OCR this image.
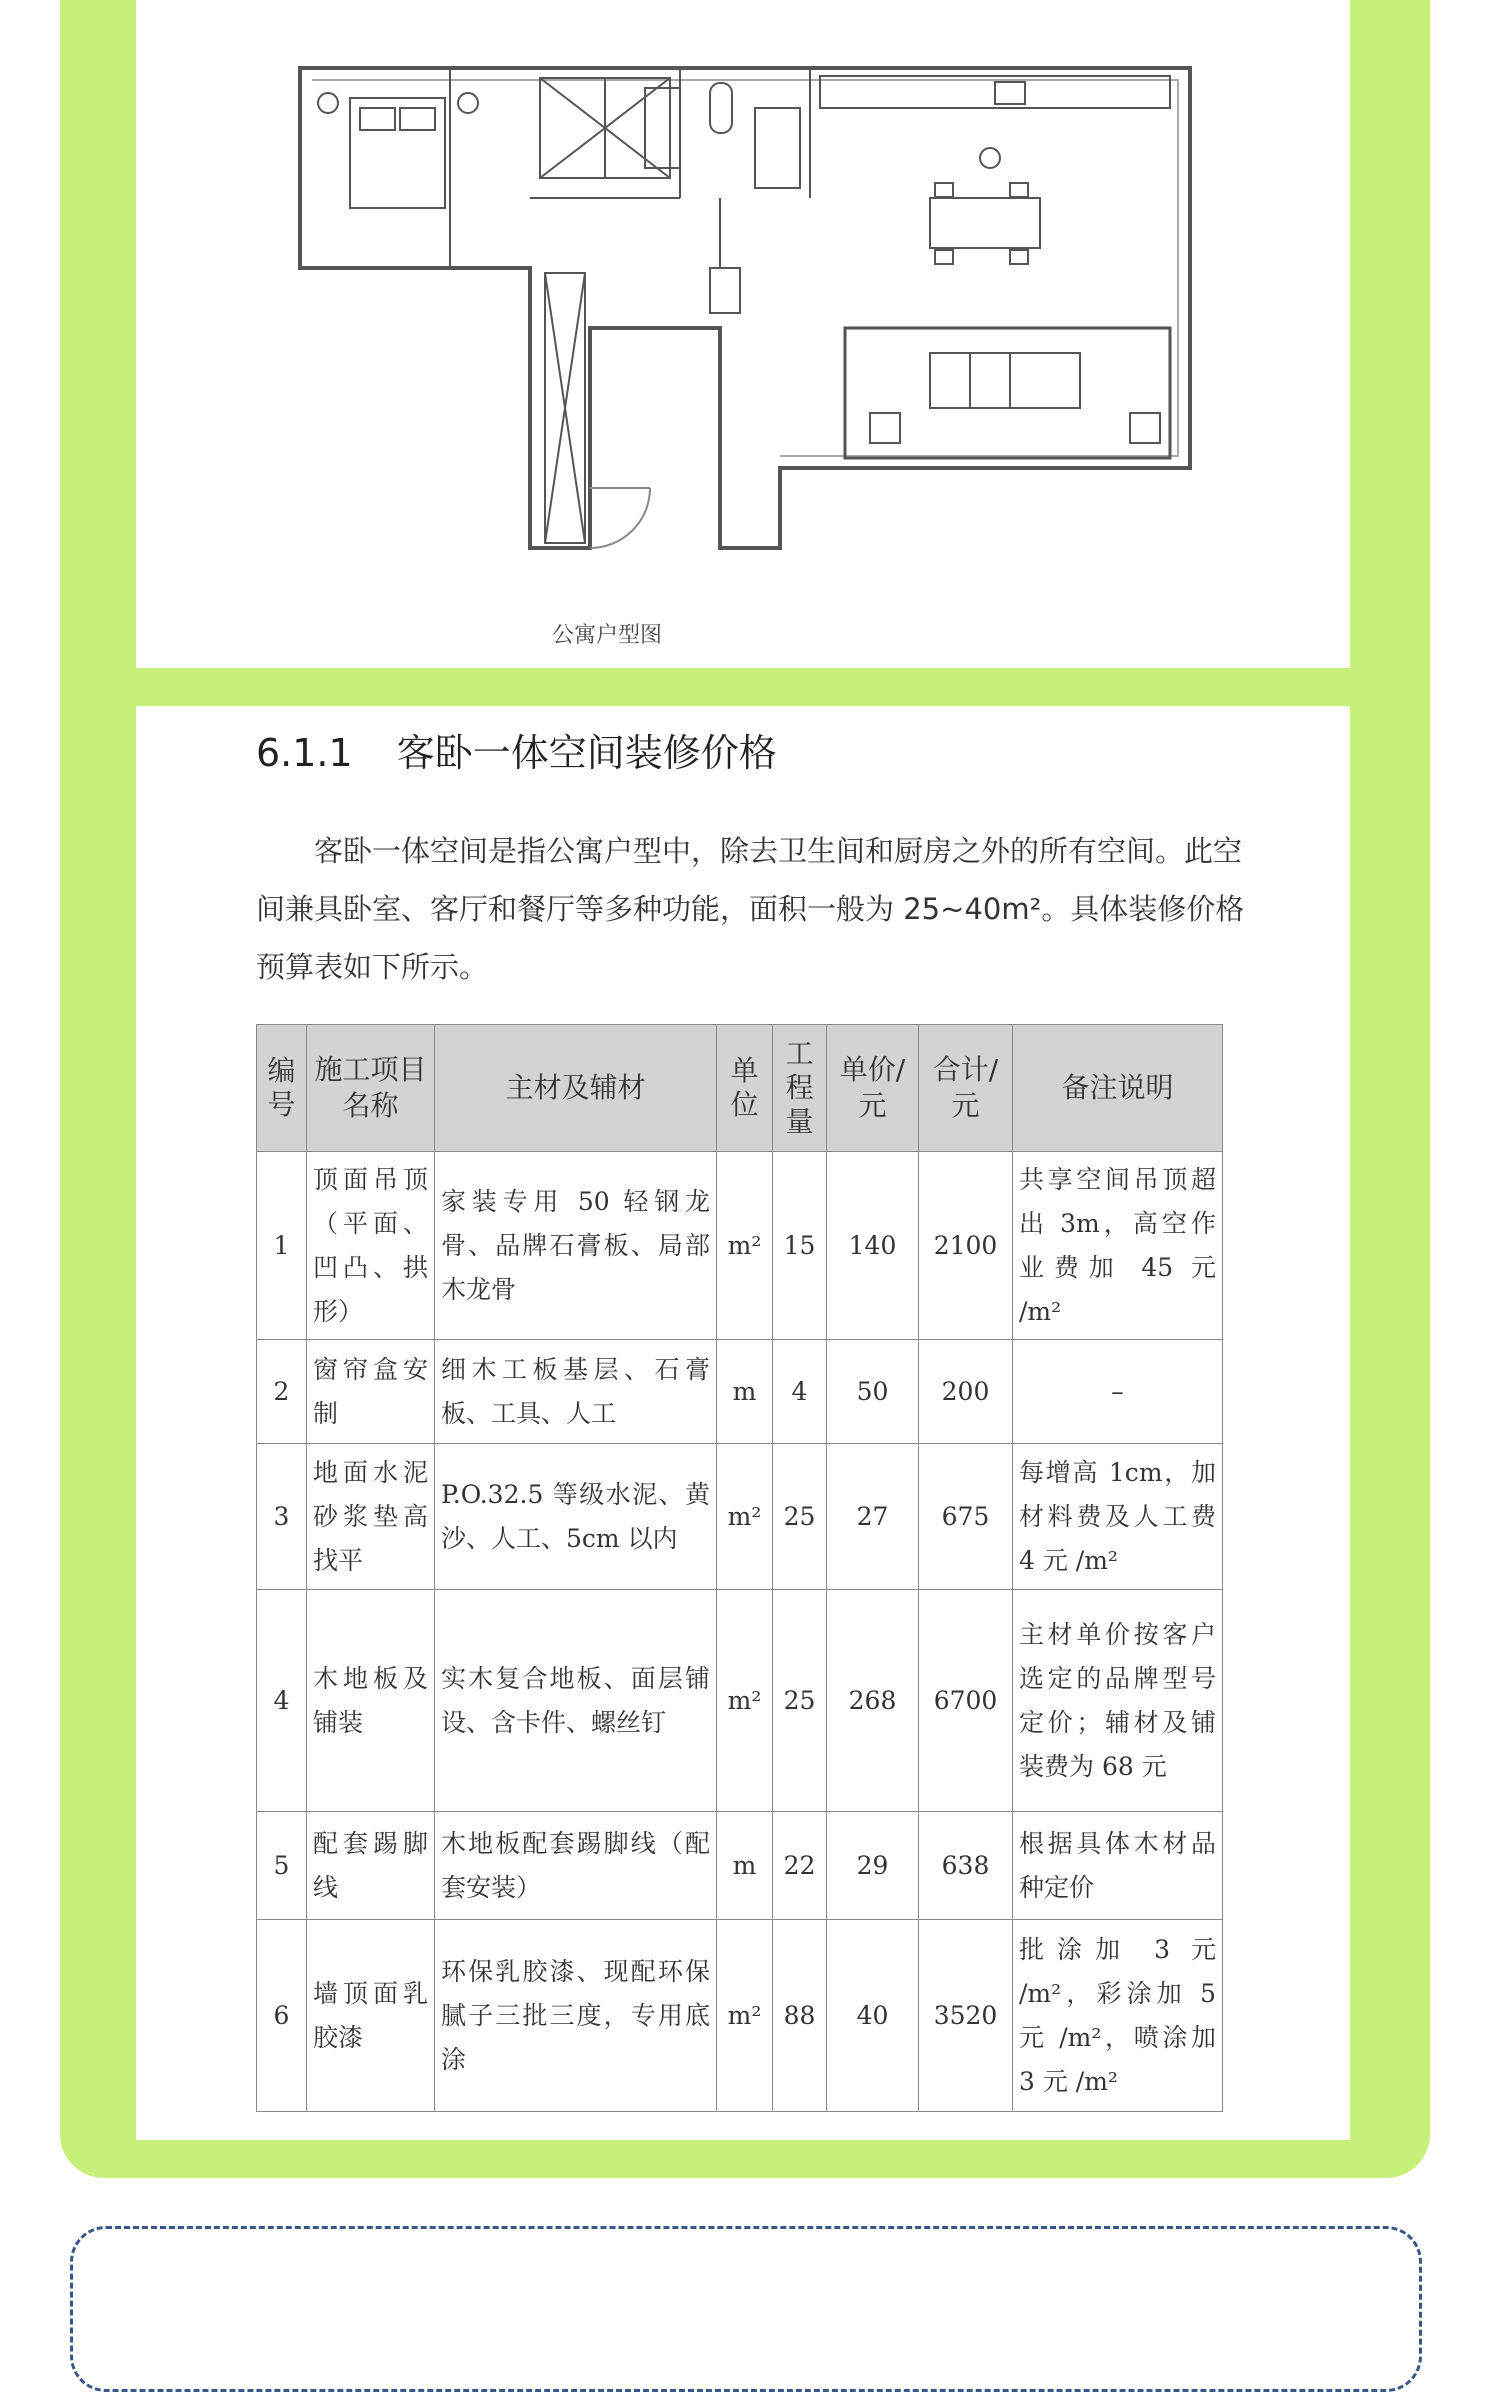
公寓户型图
6.1.1 客卧一体空间装修价格

客卧一体空间是指公寓户型中，除去卫生间和厨房之外的所有空间。此空间兼具卧室、客厅和餐厅等多种功能，面积一般为 25~40m²。具体装修价格预算表如下所示。

编号	施工项目名称	主材及辅材	单位	工程量	单价/元	合计/元	备注说明
1	顶面吊顶（平面、凹凸、拱形）	家装专用 50 轻钢龙骨、品牌石膏板、局部木龙骨	m²	15	140	2100	共享空间吊顶超出 3m，高空作业费加 45 元 /m²
2	窗帘盒安制	细木工板基层、石膏板、工具、人工	m	4	50	200	–
3	地面水泥砂浆垫高找平	P.O.32.5 等级水泥、黄沙、人工、5cm 以内	m²	25	27	675	每增高 1cm，加材料费及人工费 4 元 /m²
4	木地板及铺装	实木复合地板、面层铺设、含卡件、螺丝钉	m²	25	268	6700	主材单价按客户选定的品牌型号定价；辅材及铺装费为 68 元
5	配套踢脚线	木地板配套踢脚线（配套安装）	m	22	29	638	根据具体木材品种定价
6	墙顶面乳胶漆	环保乳胶漆、现配环保腻子三批三度，专用底涂	m²	88	40	3520	批涂加 3 元 /m²，彩涂加 5 元 /m²，喷涂加 3 元 /m²
